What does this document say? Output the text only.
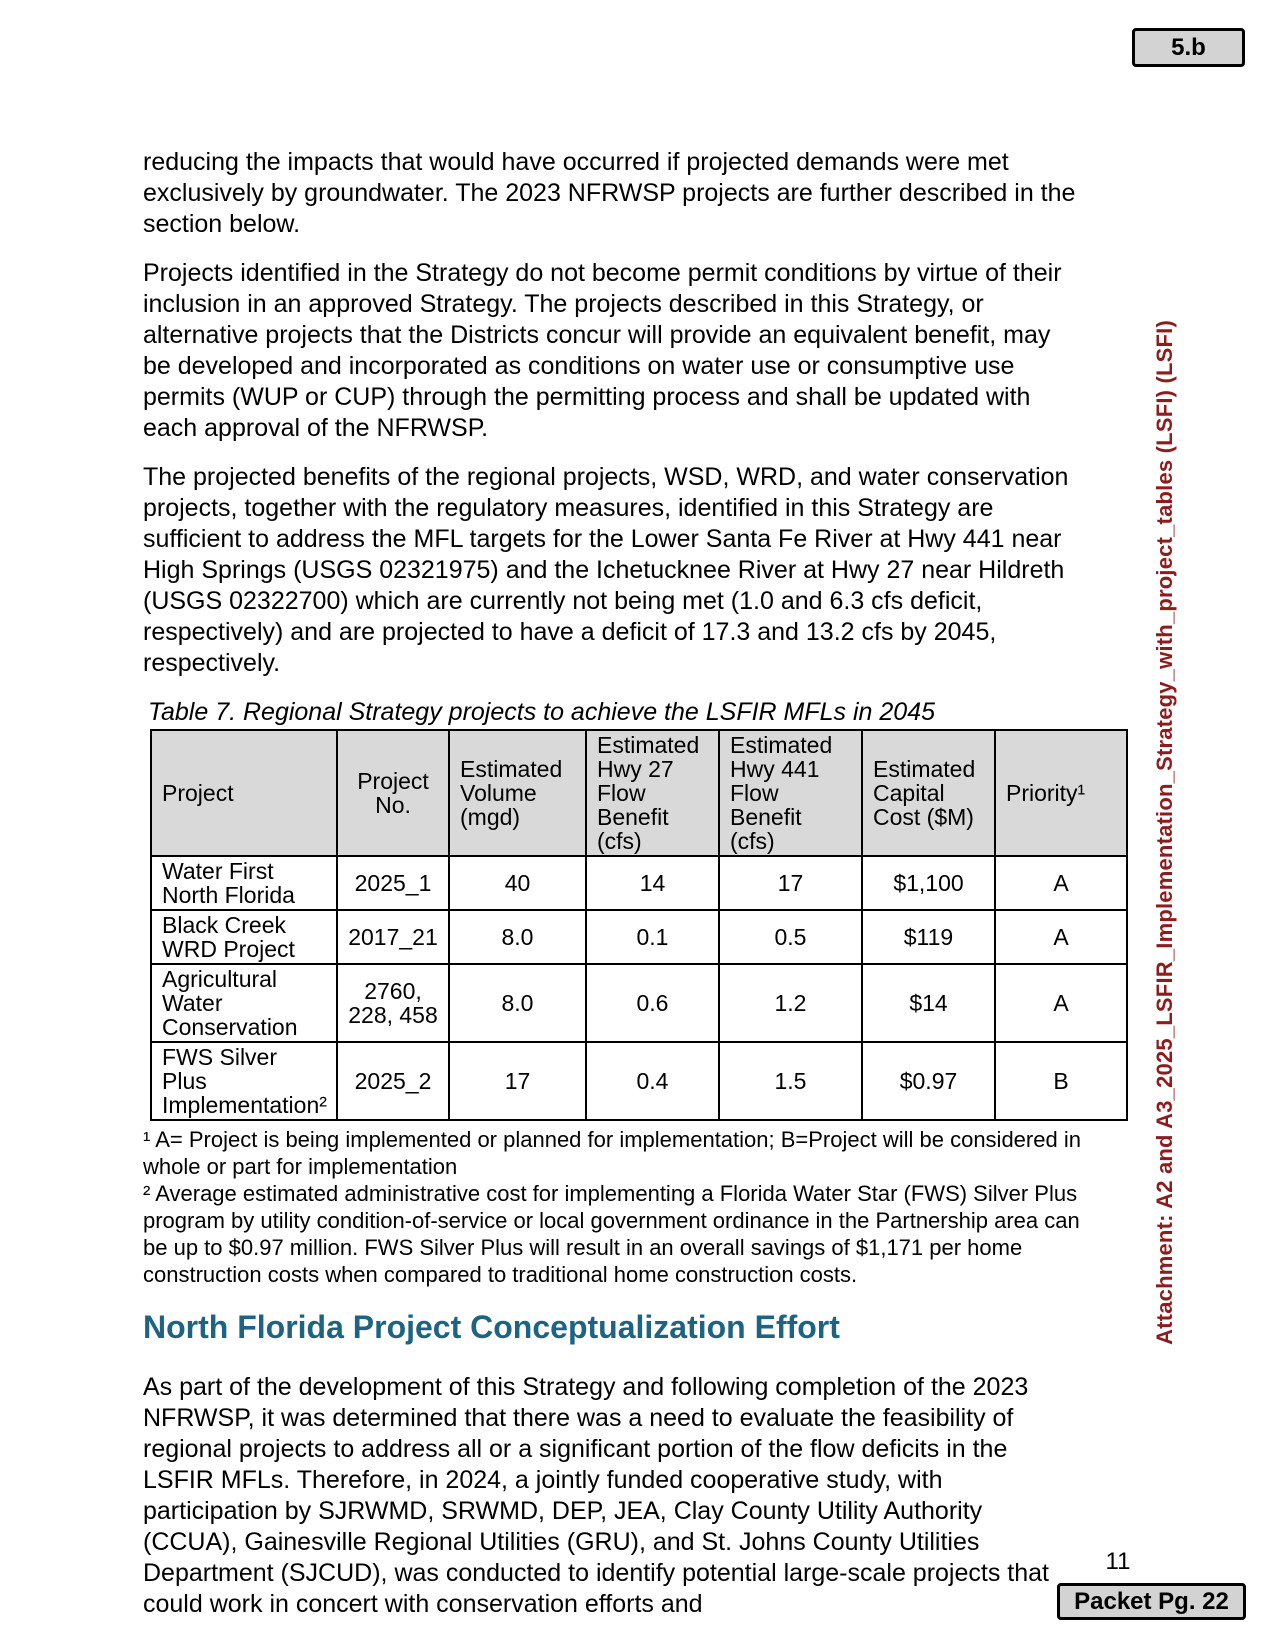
5.b

reducing the impacts that would have occurred if projected demands were met exclusively by groundwater. The 2023 NFRWSP projects are further described in the section below.

Projects identified in the Strategy do not become permit conditions by virtue of their inclusion in an approved Strategy. The projects described in this Strategy, or alternative projects that the Districts concur will provide an equivalent benefit, may be developed and incorporated as conditions on water use or consumptive use permits (WUP or CUP) through the permitting process and shall be updated with each approval of the NFRWSP.

The projected benefits of the regional projects, WSD, WRD, and water conservation projects, together with the regulatory measures, identified in this Strategy are sufficient to address the MFL targets for the Lower Santa Fe River at Hwy 441 near High Springs (USGS 02321975) and the Ichetucknee River at Hwy 27 near Hildreth (USGS 02322700) which are currently not being met (1.0 and 6.3 cfs deficit, respectively) and are projected to have a deficit of 17.3 and 13.2 cfs by 2045, respectively.

Table 7. Regional Strategy projects to achieve the LSFIR MFLs in 2045
Project	Project No.	Estimated Volume (mgd)	Estimated Hwy 27 Flow Benefit (cfs)	Estimated Hwy 441 Flow Benefit (cfs)	Estimated Capital Cost ($M)	Priority¹
Water First North Florida	2025_1	40	14	17	$1,100	A
Black Creek WRD Project	2017_21	8.0	0.1	0.5	$119	A
Agricultural Water Conservation	2760, 228, 458	8.0	0.6	1.2	$14	A
FWS Silver Plus Implementation²	2025_2	17	0.4	1.5	$0.97	B

¹ A= Project is being implemented or planned for implementation; B=Project will be considered in whole or part for implementation

² Average estimated administrative cost for implementing a Florida Water Star (FWS) Silver Plus program by utility condition-of-service or local government ordinance in the Partnership area can be up to $0.97 million. FWS Silver Plus will result in an overall savings of $1,171 per home construction costs when compared to traditional home construction costs.

North Florida Project Conceptualization Effort

As part of the development of this Strategy and following completion of the 2023 NFRWSP, it was determined that there was a need to evaluate the feasibility of regional projects to address all or a significant portion of the flow deficits in the LSFIR MFLs. Therefore, in 2024, a jointly funded cooperative study, with participation by SJRWMD, SRWMD, DEP, JEA, Clay County Utility Authority (CCUA), Gainesville Regional Utilities (GRU), and St. Johns County Utilities Department (SJCUD), was conducted to identify potential large-scale projects that could work in concert with conservation efforts and

Attachment: A2 and A3_2025_LSFIR_Implementation_Strategy_with_project_tables (LSFI) (LSFI)
11
Packet Pg. 22
